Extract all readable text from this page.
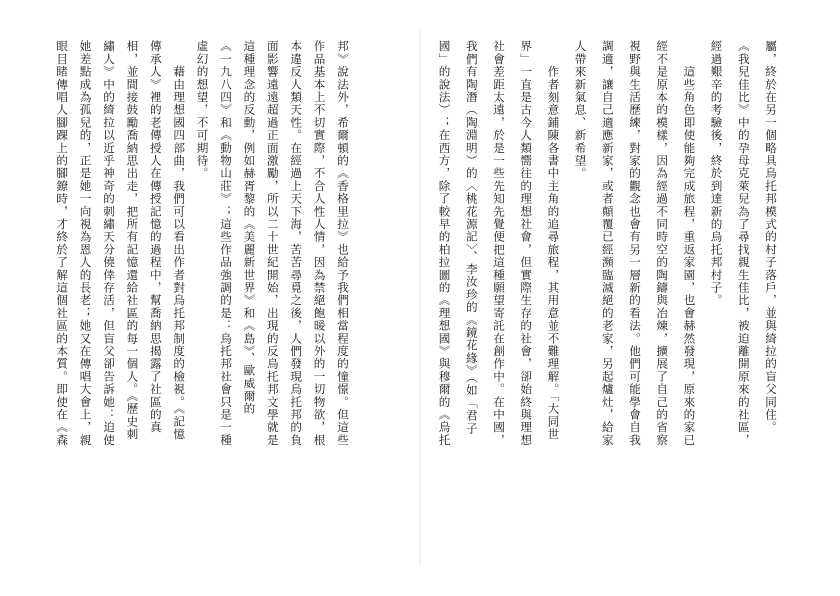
屬，終於在另一個略具烏托邦模式的村子落戶，並與綺拉的盲父同住。
《我兒佳比》中的孕母克萊兒為了尋找親生佳比，被迫離開原來的社區，
經過艱辛的考驗後，終於到達新的烏托邦村子。
　　這些角色即使能夠完成旅程，重返家園，也會赫然發現，原來的家已
經不是原本的模樣，因為經過不同時空的陶鑄與冶煉，擴展了自己的省察
視野與生活歷練，對家的觀念也會有另一層新的看法。他們可能學會自我
調適，讓自己適應新家，或者顛覆已經瀕臨滅絕的老家，另起爐灶，給家
人帶來新氣息、新希望。
　　作者刻意鋪陳各書中主角的追尋旅程，其用意並不難理解。「大同世
界」一直是古今人類嚮往的理想社會，但實際生存的社會，卻始終與理想
社會差距太遠，於是一些先知先覺便把這種願望寄託在創作中。在中國，
我們有陶潛（陶淵明）的〈桃花源記〉、李汝珍的《鏡花緣》（如「君子
國」的說法）；在西方，除了較早的柏拉圖的《理想國》與穆爾的《烏托
邦》說法外，希爾頓的《香格里拉》也給予我們相當程度的憧憬。但這些
作品基本上不切實際，不合人性人情，因為禁絕飽暖以外的一切物欲，根
本違反人類天性。在經過上天下海，苦苦尋覓之後，人們發現烏托邦的負
面影響遠遠超過正面激勵，所以二十世紀開始，出現的反烏托邦文學就是
這種理念的反動，例如赫胥黎的《美麗新世界》和《島》、歐威爾的
《一九八四》和《動物山莊》；這些作品強調的是：烏托邦社會只是一種
虛幻的想望，不可期待。
　　藉由理想國四部曲，我們可以看出作者對烏托邦制度的檢視。《記憶
傳承人》裡的老傳授人在傳授記憶的過程中，幫喬納思揭露了社區的真
相，並間接鼓勵喬納思出走，把所有記憶還給社區的每一個人。《歷史刺
繡人》中的綺拉以近乎神奇的刺繡天分僥倖存活，但盲父卻告訴她：迫使
她差點成為孤兒的，正是她一向視為恩人的長老；她又在傳唱大會上，親
眼目睹傳唱人腳踝上的腳鐐時，才終於了解這個社區的本質。即使在《森
